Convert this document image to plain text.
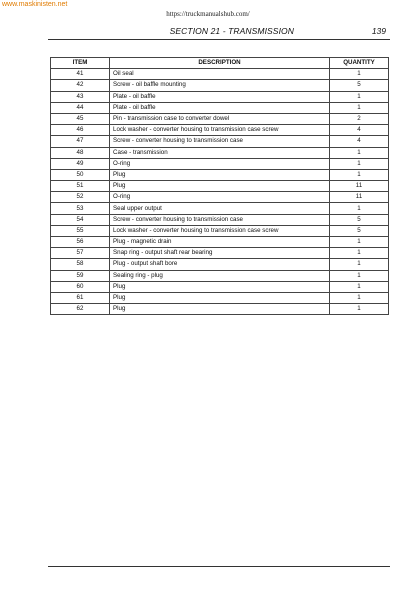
www.maskinisten.net
https://truckmanualshub.com/
SECTION 21 - TRANSMISSION	139
ITEM	DESCRIPTION	QUANTITY
41	Oil seal	1
42	Screw - oil baffle mounting	5
43	Plate - oil baffle	1
44	Plate - oil baffle	1
45	Pin - transmission case to converter dowel	2
46	Lock washer - converter housing to transmission case screw	4
47	Screw - converter housing to transmission case	4
48	Case - transmission	1
49	O-ring	1
50	Plug	1
51	Plug	11
52	O-ring	11
53	Seal upper output	1
54	Screw - converter housing to transmission case	5
55	Lock washer - converter housing to transmission case screw	5
56	Plug - magnetic drain	1
57	Snap ring - output shaft rear bearing	1
58	Plug - output shaft bore	1
59	Sealing ring - plug	1
60	Plug	1
61	Plug	1
62	Plug	1
